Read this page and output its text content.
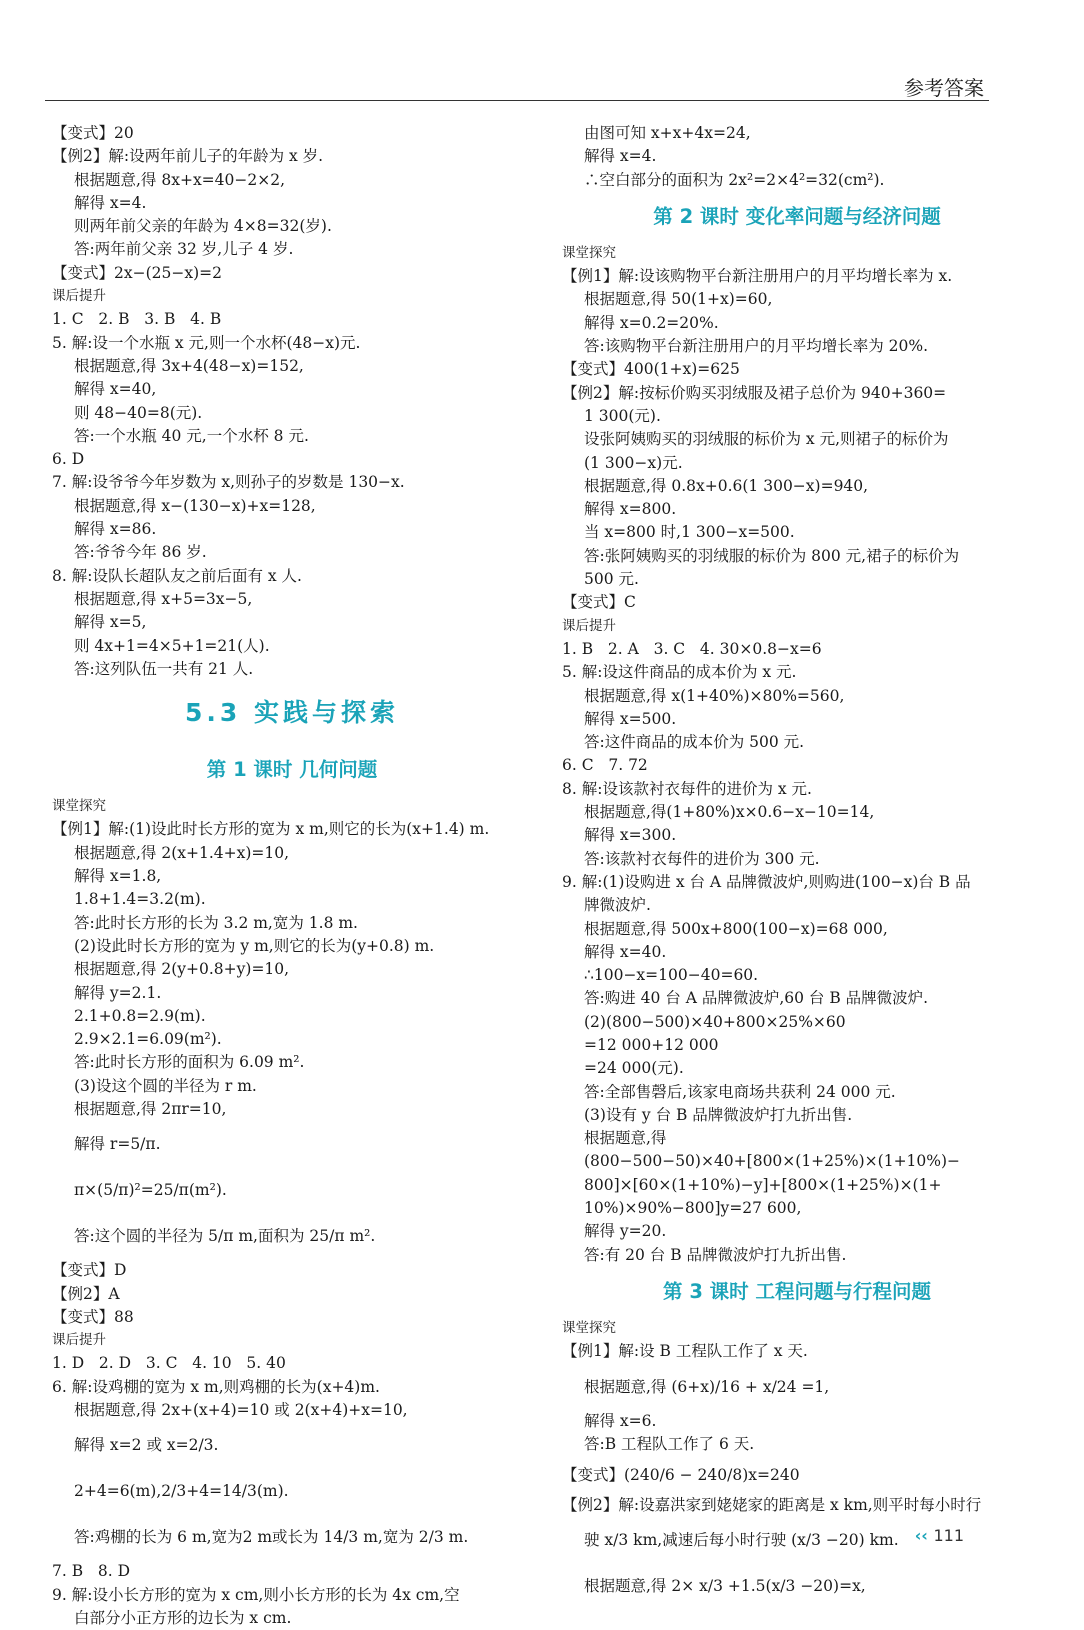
参考答案
【变式】20
【例2】解:设两年前儿子的年龄为 x 岁.
根据题意,得 8x+x=40−2×2,
解得 x=4.
则两年前父亲的年龄为 4×8=32(岁).
答:两年前父亲 32 岁,儿子 4 岁.
【变式】2x−(25−x)=2
课后提升
1. C   2. B   3. B   4. B
5. 解:设一个水瓶 x 元,则一个水杯(48−x)元.
根据题意,得 3x+4(48−x)=152,
解得 x=40,
则 48−40=8(元).
答:一个水瓶 40 元,一个水杯 8 元.
6. D
7. 解:设爷爷今年岁数为 x,则孙子的岁数是 130−x.
根据题意,得 x−(130−x)+x=128,
解得 x=86.
答:爷爷今年 86 岁.
8. 解:设队长超队友之前后面有 x 人.
根据题意,得 x+5=3x−5,
解得 x=5,
则 4x+1=4×5+1=21(人).
答:这列队伍一共有 21 人.
5.3 实践与探索
第 1 课时 几何问题
课堂探究
【例1】解:(1)设此时长方形的宽为 x m,则它的长为(x+1.4) m.
根据题意,得 2(x+1.4+x)=10,
解得 x=1.8,
1.8+1.4=3.2(m).
答:此时长方形的长为 3.2 m,宽为 1.8 m.
(2)设此时长方形的宽为 y m,则它的长为(y+0.8) m.
根据题意,得 2(y+0.8+y)=10,
解得 y=2.1.
2.1+0.8=2.9(m).
2.9×2.1=6.09(m²).
答:此时长方形的面积为 6.09 m².
(3)设这个圆的半径为 r m.
根据题意,得 2πr=10,
解得 r=5/π.
π×(5/π)²=25/π(m²).
答:这个圆的半径为 5/π m,面积为 25/π m².
【变式】D
【例2】A
【变式】88
课后提升
1. D   2. D   3. C   4. 10   5. 40
6. 解:设鸡棚的宽为 x m,则鸡棚的长为(x+4)m.
根据题意,得 2x+(x+4)=10 或 2(x+4)+x=10,
解得 x=2 或 x=2/3.
2+4=6(m),2/3+4=14/3(m).
答:鸡棚的长为 6 m,宽为2 m或长为 14/3 m,宽为 2/3 m.
7. B   8. D
9. 解:设小长方形的宽为 x cm,则小长方形的长为 4x cm,空
白部分小正方形的边长为 x cm.
由图可知 x+x+4x=24,
解得 x=4.
∴空白部分的面积为 2x²=2×4²=32(cm²).
第 2 课时 变化率问题与经济问题
课堂探究
【例1】解:设该购物平台新注册用户的月平均增长率为 x.
根据题意,得 50(1+x)=60,
解得 x=0.2=20%.
答:该购物平台新注册用户的月平均增长率为 20%.
【变式】400(1+x)=625
【例2】解:按标价购买羽绒服及裙子总价为 940+360=
1 300(元).
设张阿姨购买的羽绒服的标价为 x 元,则裙子的标价为
(1 300−x)元.
根据题意,得 0.8x+0.6(1 300−x)=940,
解得 x=800.
当 x=800 时,1 300−x=500.
答:张阿姨购买的羽绒服的标价为 800 元,裙子的标价为
500 元.
【变式】C
课后提升
1. B   2. A   3. C   4. 30×0.8−x=6
5. 解:设这件商品的成本价为 x 元.
根据题意,得 x(1+40%)×80%=560,
解得 x=500.
答:这件商品的成本价为 500 元.
6. C   7. 72
8. 解:设该款衬衣每件的进价为 x 元.
根据题意,得(1+80%)x×0.6−x−10=14,
解得 x=300.
答:该款衬衣每件的进价为 300 元.
9. 解:(1)设购进 x 台 A 品牌微波炉,则购进(100−x)台 B 品
牌微波炉.
根据题意,得 500x+800(100−x)=68 000,
解得 x=40.
∴100−x=100−40=60.
答:购进 40 台 A 品牌微波炉,60 台 B 品牌微波炉.
(2)(800−500)×40+800×25%×60
=12 000+12 000
=24 000(元).
答:全部售磬后,该家电商场共获利 24 000 元.
(3)设有 y 台 B 品牌微波炉打九折出售.
根据题意,得
(800−500−50)×40+[800×(1+25%)×(1+10%)−
800]×[60×(1+10%)−y]+[800×(1+25%)×(1+
10%)×90%−800]y=27 600,
解得 y=20.
答:有 20 台 B 品牌微波炉打九折出售.
第 3 课时 工程问题与行程问题
课堂探究
【例1】解:设 B 工程队工作了 x 天.
根据题意,得 (6+x)/16 + x/24 =1,
解得 x=6.
答:B 工程队工作了 6 天.
【变式】(240/6 − 240/8)x=240
【例2】解:设嘉洪家到姥姥家的距离是 x km,则平时每小时行
驶 x/3 km,减速后每小时行驶 (x/3 −20) km.
根据题意,得 2× x/3 +1.5(x/3 −20)=x,
‹‹ 111
